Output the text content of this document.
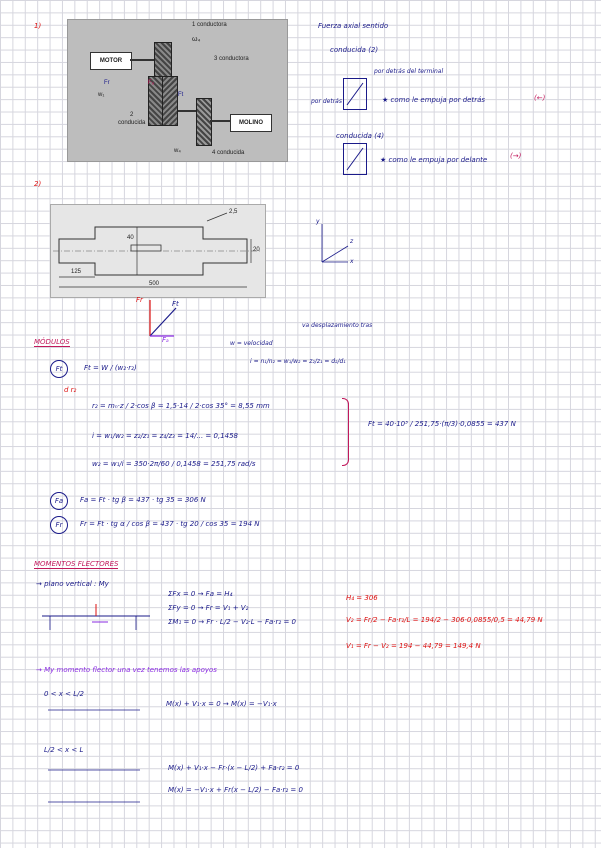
1)
MOTOR
MOLINO
1 conductora
ω₄
3 conductora
2
conducida
4 conducida
w₁
w₄
Fₐ
Fr
Ft
Fuerza axial sentido
conducida (2)
por detrás del terminal
por detrás	★ como le empuja por detrás	(←)
conducida (4)
★ como le empuja por delante	(→)
2)
2,5
40
20
125
500
y
z
x
Fr	Ft
Fₐ
MÓDULOS
va desplazamiento tras
w = velocidad
i = n₁/n₂ = w₁/w₂ = z₂/z₁ = d₂/d₁
Ft	Ft = W / (w₂·r₂)
d r₂
r₂ = mₙ·z / 2·cos β = 1,5·14 / 2·cos 35° = 8,55 mm
i = w₁/w₂ = z₂/z₁ = z₄/z₃ = 14/... = 0,1458
w₂ = w₁/i = 350·2π/60 / 0,1458 = 251,75 rad/s
Ft = 40·10³ / 251,75·(π/3)·0,0855 = 437 N
Fa Fa = Ft · tg β = 437 · tg 35 = 306 N
Fr	Fr = Ft · tg α / cos β = 437 · tg 20 / cos 35 = 194 N
MOMENTOS FLECTORES
→ plano vertical : My
ΣFx = 0 → Fa = H₄
ΣFy = 0 → Fr = V₁ + V₂
ΣM₁ = 0 → Fr · L/2 − V₂·L − Fa·r₂ = 0
H₄ = 306
V₂ = Fr/2 − Fa·r₂/L = 194/2 − 306·0,0855/0,5 = 44,79 N
V₁ = Fr − V₂ = 194 − 44,79 = 149,4 N
→ My momento flector una vez tenemos las apoyos
0 < x < L/2
M(x) + V₁·x = 0 → M(x) = −V₁·x
L/2 < x < L
M(x) + V₁·x − Fr·(x − L/2) + Fa·r₂ = 0
M(x) = −V₁·x + Fr(x − L/2) − Fa·r₂ = 0
